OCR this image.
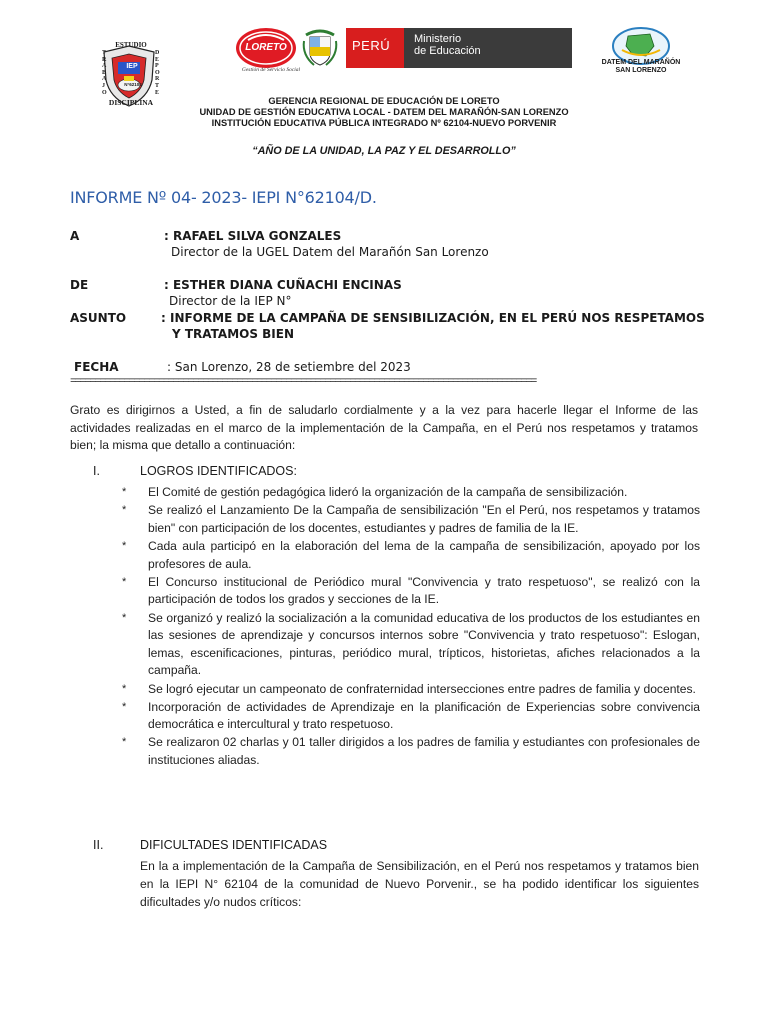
ESTUDIO
TRABAJO
DEPORTE
IEP
N°62104
DISCIPLINA
LORETO
Gestión de Servicio Social
PERÚ Ministerio
de Educación
DATEM DEL MARAÑÓN
SAN LORENZO
GERENCIA REGIONAL DE EDUCACIÓN DE LORETO
UNIDAD DE GESTIÓN EDUCATIVA LOCAL - DATEM DEL MARAÑÓN-SAN LORENZO
INSTITUCIÓN EDUCATIVA PÚBLICA INTEGRADO Nº 62104-NUEVO PORVENIR
“AÑO DE LA UNIDAD, LA PAZ Y EL DESARROLLO”
INFORME Nº 04- 2023- IEPI N°62104/D.
A	: RAFAEL SILVA GONZALES
Director de la UGEL Datem del Marañón San Lorenzo
DE	: ESTHER DIANA CUÑACHI ENCINAS
Director de la IEP N°
ASUNTO	: INFORME DE LA CAMPAÑA DE SENSIBILIZACIÓN, EN EL PERÚ NOS RESPETAMOS
Y TRATAMOS BIEN
FECHA	: San Lorenzo, 28 de setiembre del 2023
===============================================================================================
Grato es dirigirnos a Usted, a fin de saludarlo cordialmente y a la vez para hacerle llegar el Informe de las actividades realizadas en el marco de la implementación de la Campaña, en el Perú nos respetamos y tratamos bien; la misma que detallo a continuación:
I.	LOGROS IDENTIFICADOS:
* El Comité de gestión pedagógica lideró la organización de la campaña de sensibilización.
* Se realizó el Lanzamiento De la Campaña de sensibilización "En el Perú, nos respetamos y tratamos bien" con participación de los docentes, estudiantes y padres de familia de la IE.
* Cada aula participó en la elaboración del lema de la campaña de sensibilización, apoyado por los profesores de aula.
* El Concurso institucional de Periódico mural "Convivencia y trato respetuoso", se realizó con la participación de todos los grados y secciones de la IE.
* Se organizó y realizó la socialización a la comunidad educativa de los productos de los estudiantes en las sesiones de aprendizaje y concursos internos sobre "Convivencia y trato respetuoso": Eslogan, lemas, escenificaciones, pinturas, periódico mural, trípticos, historietas, afiches relacionados a la campaña.
* Se logró ejecutar un campeonato de confraternidad intersecciones entre padres de familia y docentes.
* Incorporación de actividades de Aprendizaje en la planificación de Experiencias sobre convivencia democrática e intercultural y trato respetuoso.
* Se realizaron 02 charlas y 01 taller dirigidos a los padres de familia y estudiantes con profesionales de instituciones aliadas.
II.	DIFICULTADES IDENTIFICADAS
En la a implementación de la Campaña de Sensibilización, en el Perú nos respetamos y tratamos bien en la IEPI N° 62104 de la comunidad de Nuevo Porvenir., se ha podido identificar los siguientes dificultades y/o nudos críticos:
